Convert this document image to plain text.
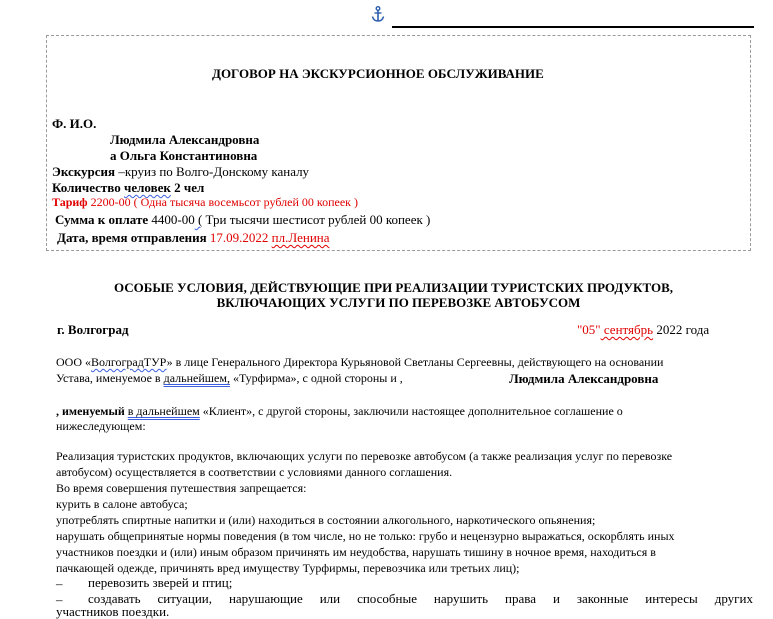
ДОГОВОР НА ЭКСКУРСИОННОЕ ОБСЛУЖИВАНИЕ
Ф. И.О.
Людмила Александровна
а Ольга Константиновна
Экскурсия –круиз по Волго-Донскому каналу
Количество человек 2 чел
Тариф 2200-00 ( Одна тысяча восемьсот рублей 00 копеек )
Сумма к оплате 4400-00 ( Три тысячи шестисот рублей 00 копеек )
Дата, время отправления 17.09.2022 пл.Ленина
ОСОБЫЕ УСЛОВИЯ, ДЕЙСТВУЮЩИЕ ПРИ РЕАЛИЗАЦИИ ТУРИСТСКИХ ПРОДУКТОВ,
ВКЛЮЧАЮЩИХ УСЛУГИ ПО ПЕРЕВОЗКЕ АВТОБУСОМ
г. Волгоград	"05" сентябрь 2022 года
ООО «ВолгоградТУР» в лице Генерального Директора Курьяновой Светланы Сергеевны, действующего на основании
Устава, именуемое в дальнейшем, «Турфирма», с одной стороны и ,	Людмила Александровна
, именуемый в дальнейшем «Клиент», с другой стороны, заключили настоящее дополнительное соглашение о
нижеследующем:
Реализация туристских продуктов, включающих услуги по перевозке автобусом (а также реализация услуг по перевозке
автобусом) осуществляется в соответствии с условиями данного соглашения.
Во время совершения путешествия запрещается:
курить в салоне автобуса;
употреблять спиртные напитки и (или) находиться в состоянии алкогольного, наркотического опьянения;
нарушать общепринятые нормы поведения (в том числе, но не только: грубо и нецензурно выражаться, оскорблять иных
участников поездки и (или) иным образом причинять им неудобства, нарушать тишину в ночное время, находиться в
пачкающей одежде, причинять вред имуществу Турфирмы, перевозчика или третьих лиц);
– перевозить зверей и птиц;
– создавать ситуации, нарушающие или способные нарушить права и законные интересы других
участников поездки.
